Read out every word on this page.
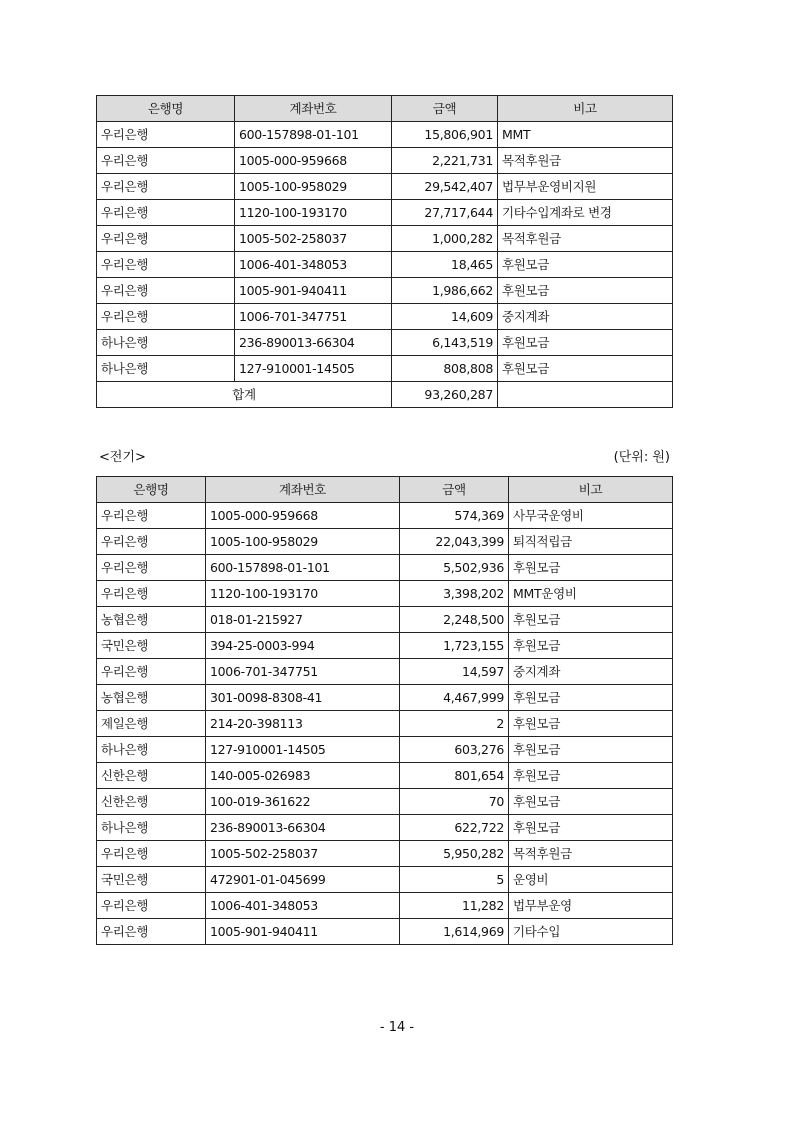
은행명	계좌번호	금액	비고
우리은행	600-157898-01-101	15,806,901	MMT
우리은행	1005-000-959668	2,221,731	목적후원금
우리은행	1005-100-958029	29,542,407	법무부운영비지원
우리은행	1120-100-193170	27,717,644	기타수입계좌로 변경
우리은행	1005-502-258037	1,000,282	목적후원금
우리은행	1006-401-348053	18,465	후원모금
우리은행	1005-901-940411	1,986,662	후원모금
우리은행	1006-701-347751	14,609	중지계좌
하나은행	236-890013-66304	6,143,519	후원모금
하나은행	127-910001-14505	808,808	후원모금
합계		93,260,287	
<전기>	(단위: 원)
은행명	계좌번호	금액	비고
우리은행	1005-000-959668	574,369	사무국운영비
우리은행	1005-100-958029	22,043,399	퇴직적립금
우리은행	600-157898-01-101	5,502,936	후원모금
우리은행	1120-100-193170	3,398,202	MMT운영비
농협은행	018-01-215927	2,248,500	후원모금
국민은행	394-25-0003-994	1,723,155	후원모금
우리은행	1006-701-347751	14,597	중지계좌
농협은행	301-0098-8308-41	4,467,999	후원모금
제일은행	214-20-398113	2	후원모금
하나은행	127-910001-14505	603,276	후원모금
신한은행	140-005-026983	801,654	후원모금
신한은행	100-019-361622	70	후원모금
하나은행	236-890013-66304	622,722	후원모금
우리은행	1005-502-258037	5,950,282	목적후원금
국민은행	472901-01-045699	5	운영비
우리은행	1006-401-348053	11,282	법무부운영
우리은행	1005-901-940411	1,614,969	기타수입
- 14 -
